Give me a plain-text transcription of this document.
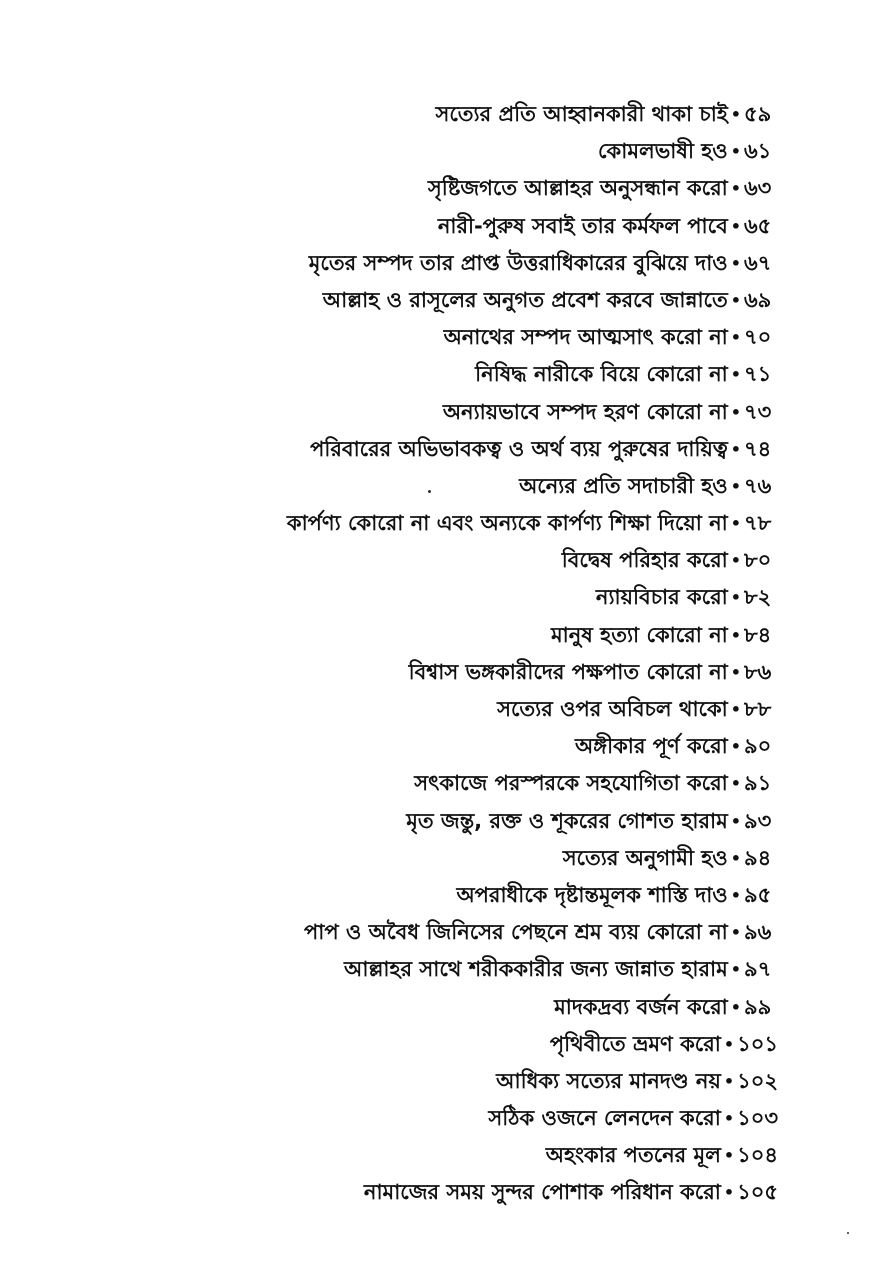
সত্যের প্রতি আহ্বানকারী থাকা চাই • ৫৯
কোমলভাষী হও • ৬১
সৃষ্টিজগতে আল্লাহর অনুসন্ধান করো • ৬৩
নারী-পুরুষ সবাই তার কর্মফল পাবে • ৬৫
মৃতের সম্পদ তার প্রাপ্ত উত্তরাধিকারের বুঝিয়ে দাও • ৬৭
আল্লাহ ও রাসূলের অনুগত প্রবেশ করবে জান্নাতে • ৬৯
অনাথের সম্পদ আত্মসাৎ করো না • ৭০
নিষিদ্ধ নারীকে বিয়ে কোরো না • ৭১
অন্যায়ভাবে সম্পদ হরণ কোরো না • ৭৩
পরিবারের অভিভাবকত্ব ও অর্থ ব্যয় পুরুষের দায়িত্ব • ৭৪
অন্যের প্রতি সদাচারী হও • ৭৬
কার্পণ্য কোরো না এবং অন্যকে কার্পণ্য শিক্ষা দিয়ো না • ৭৮
বিদ্বেষ পরিহার করো • ৮০
ন্যায়বিচার করো • ৮২
মানুষ হত্যা কোরো না • ৮৪
বিশ্বাস ভঙ্গকারীদের পক্ষপাত কোরো না • ৮৬
সত্যের ওপর অবিচল থাকো • ৮৮
অঙ্গীকার পূর্ণ করো • ৯০
সৎকাজে পরস্পরকে সহযোগিতা করো • ৯১
মৃত জন্তু, রক্ত ও শূকরের গোশত হারাম • ৯৩
সত্যের অনুগামী হও • ৯৪
অপরাধীকে দৃষ্টান্তমূলক শাস্তি দাও • ৯৫
পাপ ও অবৈধ জিনিসের পেছনে শ্রম ব্যয় কোরো না • ৯৬
আল্লাহর সাথে শরীককারীর জন্য জান্নাত হারাম • ৯৭
মাদকদ্রব্য বর্জন করো • ৯৯
পৃথিবীতে ভ্রমণ করো • ১০১
আধিক্য সত্যের মানদণ্ড নয় • ১০২
সঠিক ওজনে লেনদেন করো • ১০৩
অহংকার পতনের মূল • ১০৪
নামাজের সময় সুন্দর পোশাক পরিধান করো • ১০৫
